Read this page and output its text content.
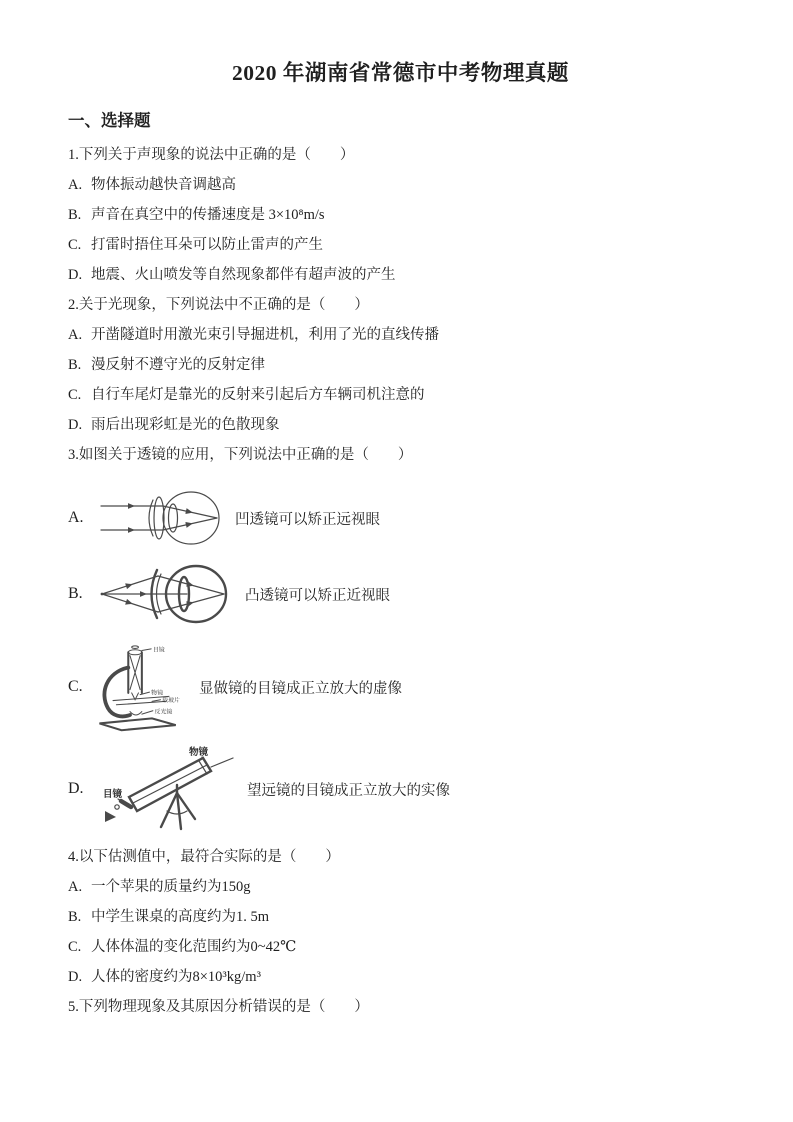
2020 年湖南省常德市中考物理真题
一、选择题

1.下列关于声现象的说法中正确的是（　　）

A. 物体振动越快音调越高

B. 声音在真空中的传播速度是 3×10⁸m/s

C. 打雷时捂住耳朵可以防止雷声的产生

D. 地震、火山喷发等自然现象都伴有超声波的产生

2.关于光现象，下列说法中不正确的是（　　）

A. 开凿隧道时用激光束引导掘进机，利用了光的直线传播

B. 漫反射不遵守光的反射定律

C. 自行车尾灯是靠光的反射来引起后方车辆司机注意的

D. 雨后出现彩虹是光的色散现象

3.如图关于透镜的应用，下列说法中正确的是（　　）

A.	凹透镜可以矫正远视眼
B.	凸透镜可以矫正近视眼
目镜
物镜
载玻片
反光镜
C.	显做镜的目镜成正立放大的虚像
D.
物镜
目镜	望远镜的目镜成正立放大的实像

4.以下估测值中，最符合实际的是（　　）

A. 一个苹果的质量约为150g

B. 中学生课桌的高度约为1. 5m

C. 人体体温的变化范围约为0~42℃

D. 人体的密度约为8×10³kg/m³

5.下列物理现象及其原因分析错误的是（　　）
